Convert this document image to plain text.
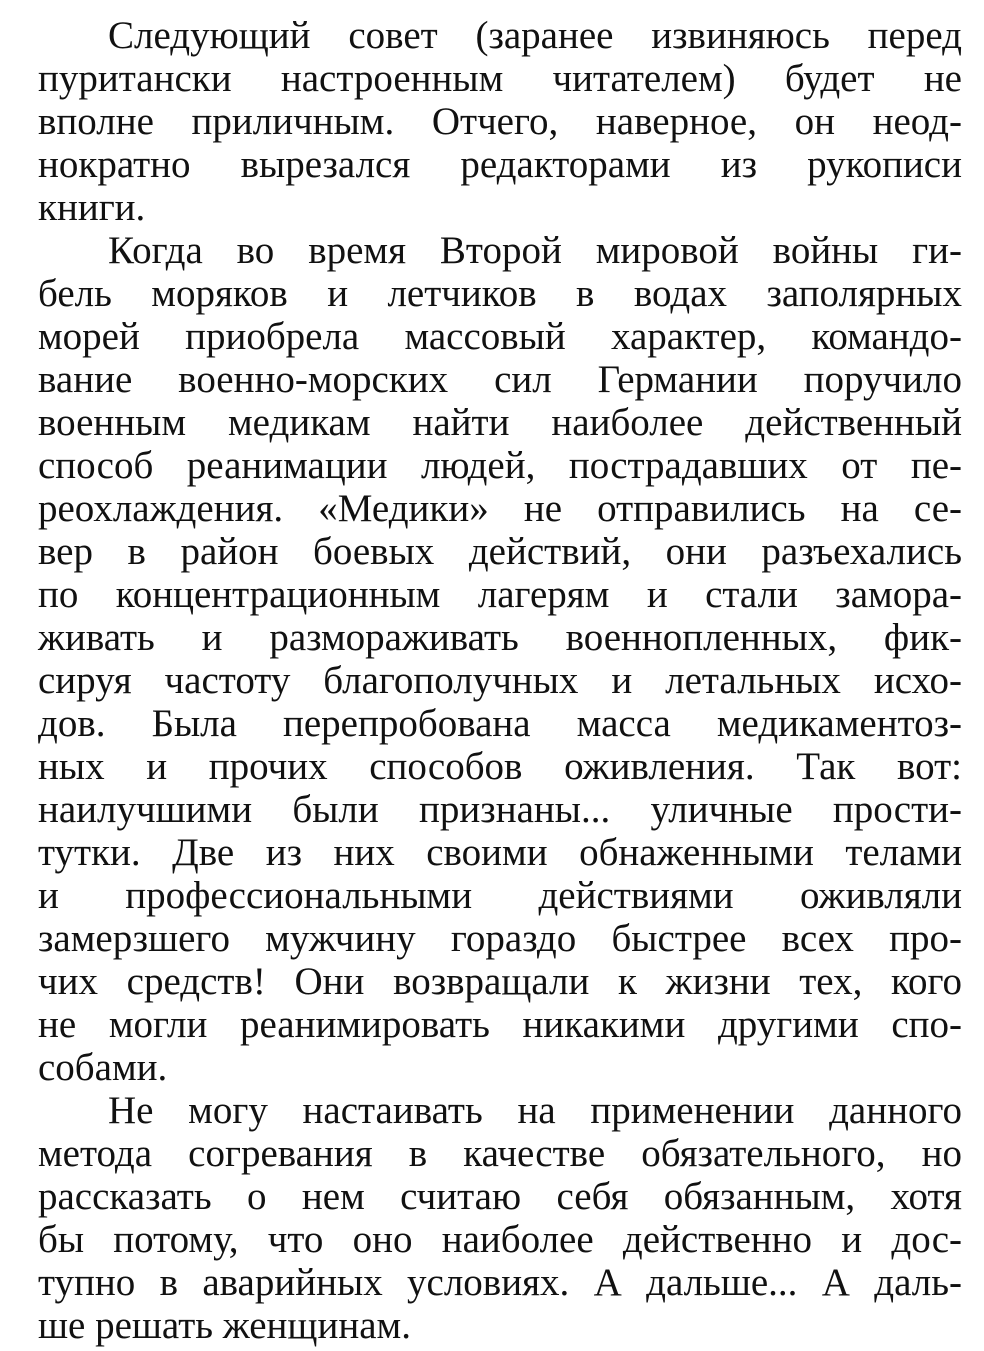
Следующий совет (заранее извиняюсь перед
пуритански настроенным читателем) будет не
вполне приличным. Отчего, наверное, он неод-
нократно вырезался редакторами из рукописи
книги.
Когда во время Второй мировой войны ги-
бель моряков и летчиков в водах заполярных
морей приобрела массовый характер, командо-
вание военно-морских сил Германии поручило
военным медикам найти наиболее действенный
способ реанимации людей, пострадавших от пе-
реохлаждения. «Медики» не отправились на се-
вер в район боевых действий, они разъехались
по концентрационным лагерям и стали замора-
живать и размораживать военнопленных, фик-
сируя частоту благополучных и летальных исхо-
дов. Была перепробована масса медикаментоз-
ных и прочих способов оживления. Так вот:
наилучшими были признаны... уличные прости-
тутки. Две из них своими обнаженными телами
и профессиональными действиями оживляли
замерзшего мужчину гораздо быстрее всех про-
чих средств! Они возвращали к жизни тех, кого
не могли реанимировать никакими другими спо-
собами.
Не могу настаивать на применении данного
метода согревания в качестве обязательного, но
рассказать о нем считаю себя обязанным, хотя
бы потому, что оно наиболее действенно и дос-
тупно в аварийных условиях. А дальше... А даль-
ше решать женщинам.
